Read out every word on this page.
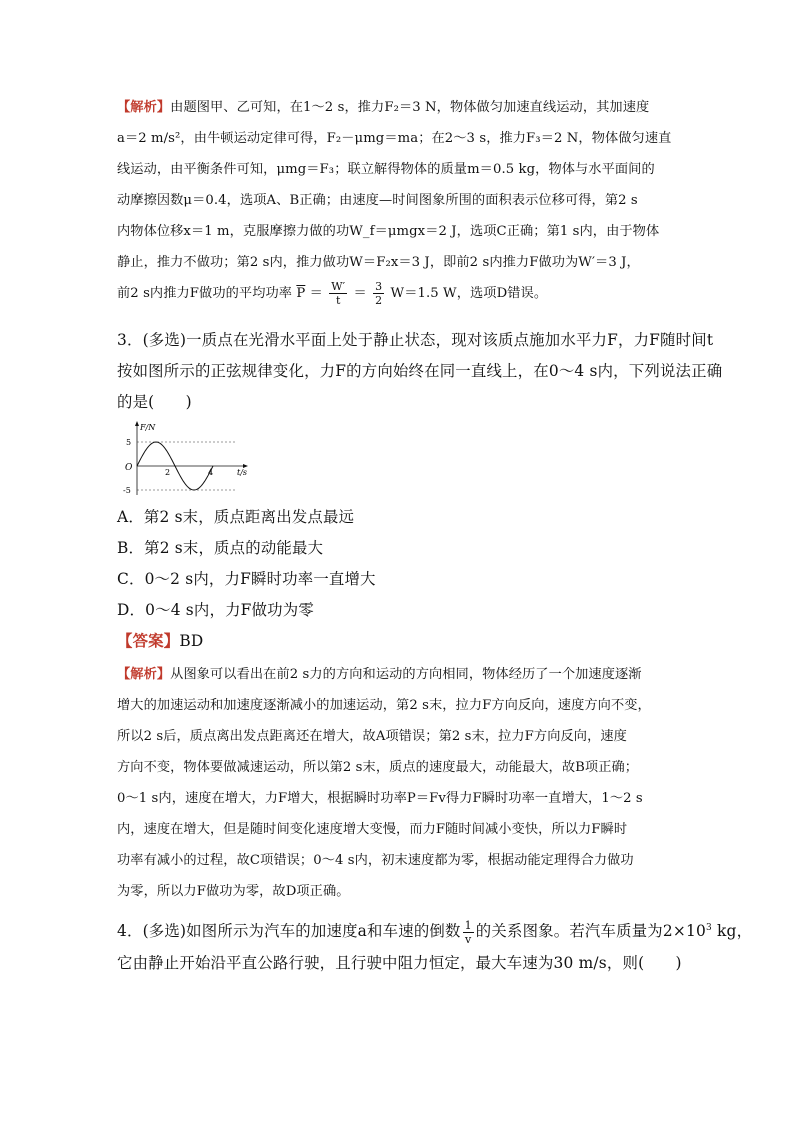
【解析】由题图甲、乙可知，在1～2 s，推力F₂＝3 N，物体做匀加速直线运动，其加速度
a＝2 m/s²，由牛顿运动定律可得，F₂－μmg＝ma；在2～3 s，推力F₃＝2 N，物体做匀速直
线运动，由平衡条件可知，μmg＝F₃；联立解得物体的质量m＝0.5 kg，物体与水平面间的
动摩擦因数μ＝0.4，选项A、B正确；由速度—时间图象所围的面积表示位移可得，第2 s
内物体位移x＝1 m，克服摩擦力做的功W_f＝μmgx＝2 J，选项C正确；第1 s内，由于物体
静止，推力不做功；第2 s内，推力做功W＝F₂x＝3 J，即前2 s内推力F做功为W′＝3 J，
前2 s内推力F做功的平均功率 $\overline{P} = \frac{W'}{t} = \frac{3}{2} W=1.5$ W，选项D错误。
3．(多选)一质点在光滑水平面上处于静止状态，现对该质点施加水平力F，力F随时间t
按如图所示的正弦规律变化，力F的方向始终在同一直线上，在0～4 s内，下列说法正确
的是(　　)
F/N
t/s
O
5
-5
2	4
A．第2 s末，质点距离出发点最远
B．第2 s末，质点的动能最大
C．0～2 s内，力F瞬时功率一直增大
D．0～4 s内，力F做功为零
【答案】BD
【解析】从图象可以看出在前2 s力的方向和运动的方向相同，物体经历了一个加速度逐渐
增大的加速运动和加速度逐渐减小的加速运动，第2 s末，拉力F方向反向，速度方向不变，
所以2 s后，质点离出发点距离还在增大，故A项错误；第2 s末，拉力F方向反向，速度
方向不变，物体要做减速运动，所以第2 s末，质点的速度最大，动能最大，故B项正确；
0～1 s内，速度在增大，力F增大，根据瞬时功率P＝Fv得力F瞬时功率一直增大，1～2 s
内，速度在增大，但是随时间变化速度增大变慢，而力F随时间减小变快，所以力F瞬时
功率有减小的过程，故C项错误；0～4 s内，初末速度都为零，根据动能定理得合力做功
为零，所以力F做功为零，故D项正确。
4．(多选)如图所示为汽车的加速度a和车速的倒数 $\frac{1}{v}$ 的关系图象。若汽车质量为$2\times 10^3$ kg，
它由静止开始沿平直公路行驶，且行驶中阻力恒定，最大车速为30 m/s，则(　　)
